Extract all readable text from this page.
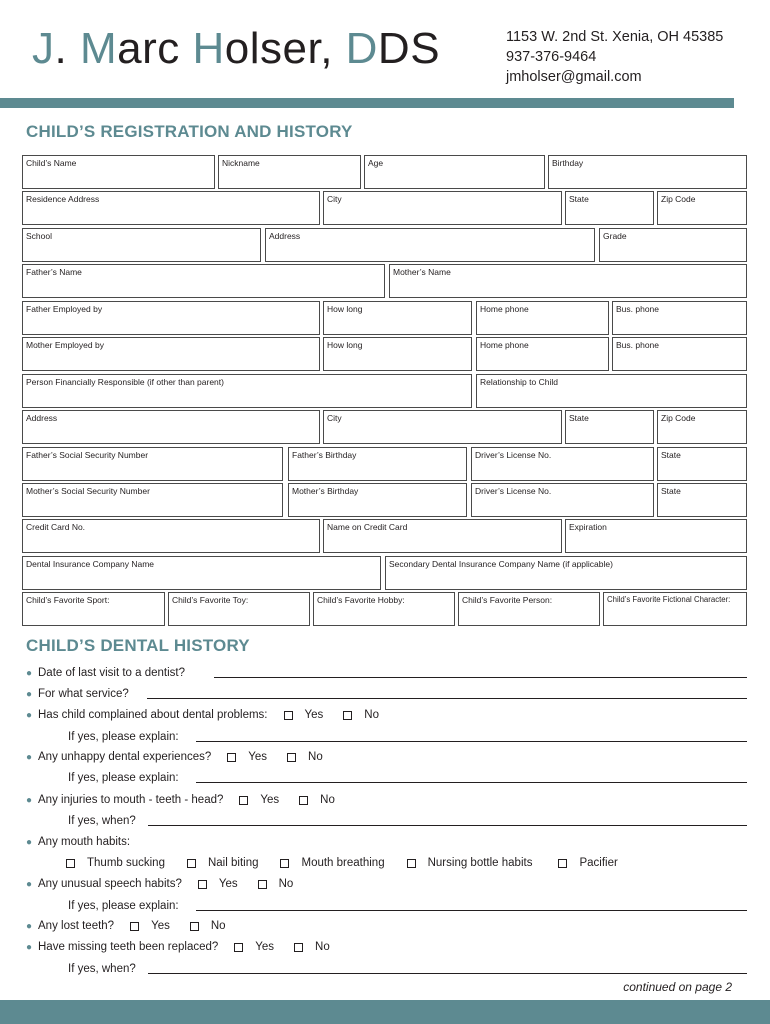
J. Marc Holser, DDS	1153 W. 2nd St. Xenia, OH 45385
937-376-9464
jmholser@gmail.com
CHILD’S REGISTRATION AND HISTORY
Child’s Name	Nickname	Age	Birthday
Residence Address	City	State	Zip Code
School	Address	Grade
Father’s Name	Mother’s Name
Father Employed by	How long	Home phone	Bus. phone
Mother Employed by	How long	Home phone	Bus. phone
Person Financially Responsible (if other than parent)	Relationship to Child
Address	City	State	Zip Code
Father’s Social Security Number	Father’s Birthday	Driver’s License No.	State
Mother’s Social Security Number	Mother’s Birthday	Driver’s License No.	State
Credit Card No.	Name on Credit Card	Expiration
Dental Insurance Company Name	Secondary Dental Insurance Company Name (if applicable)
Child’s Favorite Sport:	Child’s Favorite Toy:	Child’s Favorite Hobby:	Child’s Favorite Person:	Child’s Favorite Fictional Character:
CHILD’S DENTAL HISTORY
● Date of last visit to a dentist?
● For what service?
● Has child complained about dental problems:	Yes	No
If yes, please explain:
● Any unhappy dental experiences?	Yes	No
If yes, please explain:
● Any injuries to mouth - teeth - head?	Yes	No
If yes, when?
● Any mouth habits:
Thumb sucking	Nail biting	Mouth breathing	Nursing bottle habits	Pacifier
● Any unusual speech habits?	Yes	No
If yes, please explain:
● Any lost teeth?	Yes	No
● Have missing teeth been replaced?	Yes	No
If yes, when?
continued on page 2
